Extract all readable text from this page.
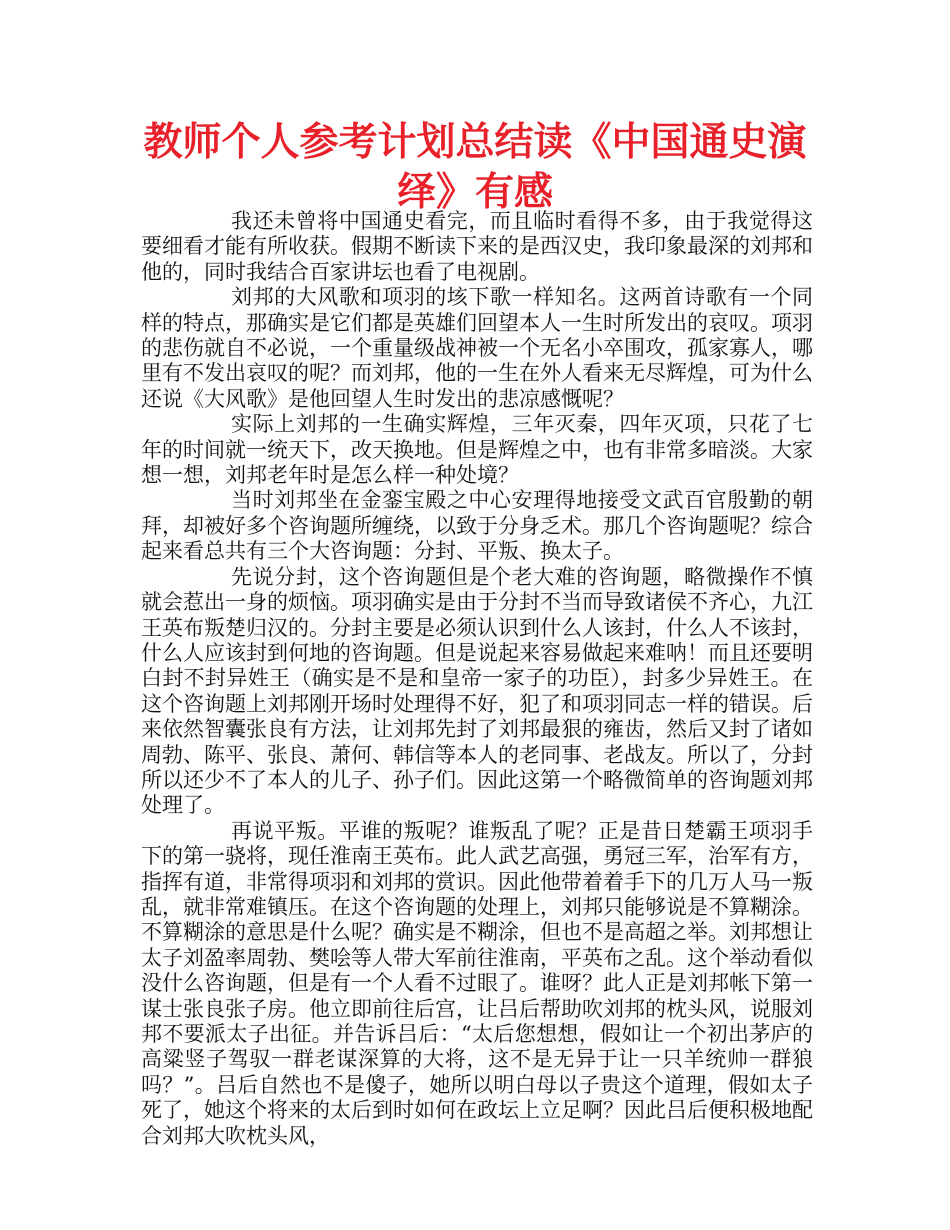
教师个人参考计划总结读《中国通史演绎》有感

我还未曾将中国通史看完，而且临时看得不多，由于我觉得这要细看才能有所收获。假期不断读下来的是西汉史，我印象最深的刘邦和他的，同时我结合百家讲坛也看了电视剧。

刘邦的大风歌和项羽的垓下歌一样知名。这两首诗歌有一个同样的特点，那确实是它们都是英雄们回望本人一生时所发出的哀叹。项羽的悲伤就自不必说，一个重量级战神被一个无名小卒围攻，孤家寡人，哪里有不发出哀叹的呢？而刘邦，他的一生在外人看来无尽辉煌，可为什么还说《大风歌》是他回望人生时发出的悲凉感慨呢？

实际上刘邦的一生确实辉煌，三年灭秦，四年灭项，只花了七年的时间就一统天下，改天换地。但是辉煌之中，也有非常多暗淡。大家想一想，刘邦老年时是怎么样一种处境？

当时刘邦坐在金銮宝殿之中心安理得地接受文武百官殷勤的朝拜，却被好多个咨询题所缠绕，以致于分身乏术。那几个咨询题呢？综合起来看总共有三个大咨询题：分封、平叛、换太子。

先说分封，这个咨询题但是个老大难的咨询题，略微操作不慎就会惹出一身的烦恼。项羽确实是由于分封不当而导致诸侯不齐心，九江王英布叛楚归汉的。分封主要是必须认识到什么人该封，什么人不该封，什么人应该封到何地的咨询题。但是说起来容易做起来难呐！而且还要明白封不封异姓王（确实是不是和皇帝一家子的功臣），封多少异姓王。在这个咨询题上刘邦刚开场时处理得不好，犯了和项羽同志一样的错误。后来依然智囊张良有方法，让刘邦先封了刘邦最狠的雍齿，然后又封了诸如周勃、陈平、张良、萧何、韩信等本人的老同事、老战友。所以了，分封所以还少不了本人的儿子、孙子们。因此这第一个略微简单的咨询题刘邦处理了。

再说平叛。平谁的叛呢？谁叛乱了呢？正是昔日楚霸王项羽手下的第一骁将，现任淮南王英布。此人武艺高强，勇冠三军，治军有方，指挥有道，非常得项羽和刘邦的赏识。因此他带着着手下的几万人马一叛乱，就非常难镇压。在这个咨询题的处理上，刘邦只能够说是不算糊涂。不算糊涂的意思是什么呢？确实是不糊涂，但也不是高超之举。刘邦想让太子刘盈率周勃、樊哙等人带大军前往淮南，平英布之乱。这个举动看似没什么咨询题，但是有一个人看不过眼了。谁呀？此人正是刘邦帐下第一谋士张良张子房。他立即前往后宫，让吕后帮助吹刘邦的枕头风，说服刘邦不要派太子出征。并告诉吕后：“太后您想想，假如让一个初出茅庐的高粱竖子驾驭一群老谋深算的大将，这不是无异于让一只羊统帅一群狼吗？”。吕后自然也不是傻子，她所以明白母以子贵这个道理，假如太子死了，她这个将来的太后到时如何在政坛上立足啊？因此吕后便积极地配合刘邦大吹枕头风，
